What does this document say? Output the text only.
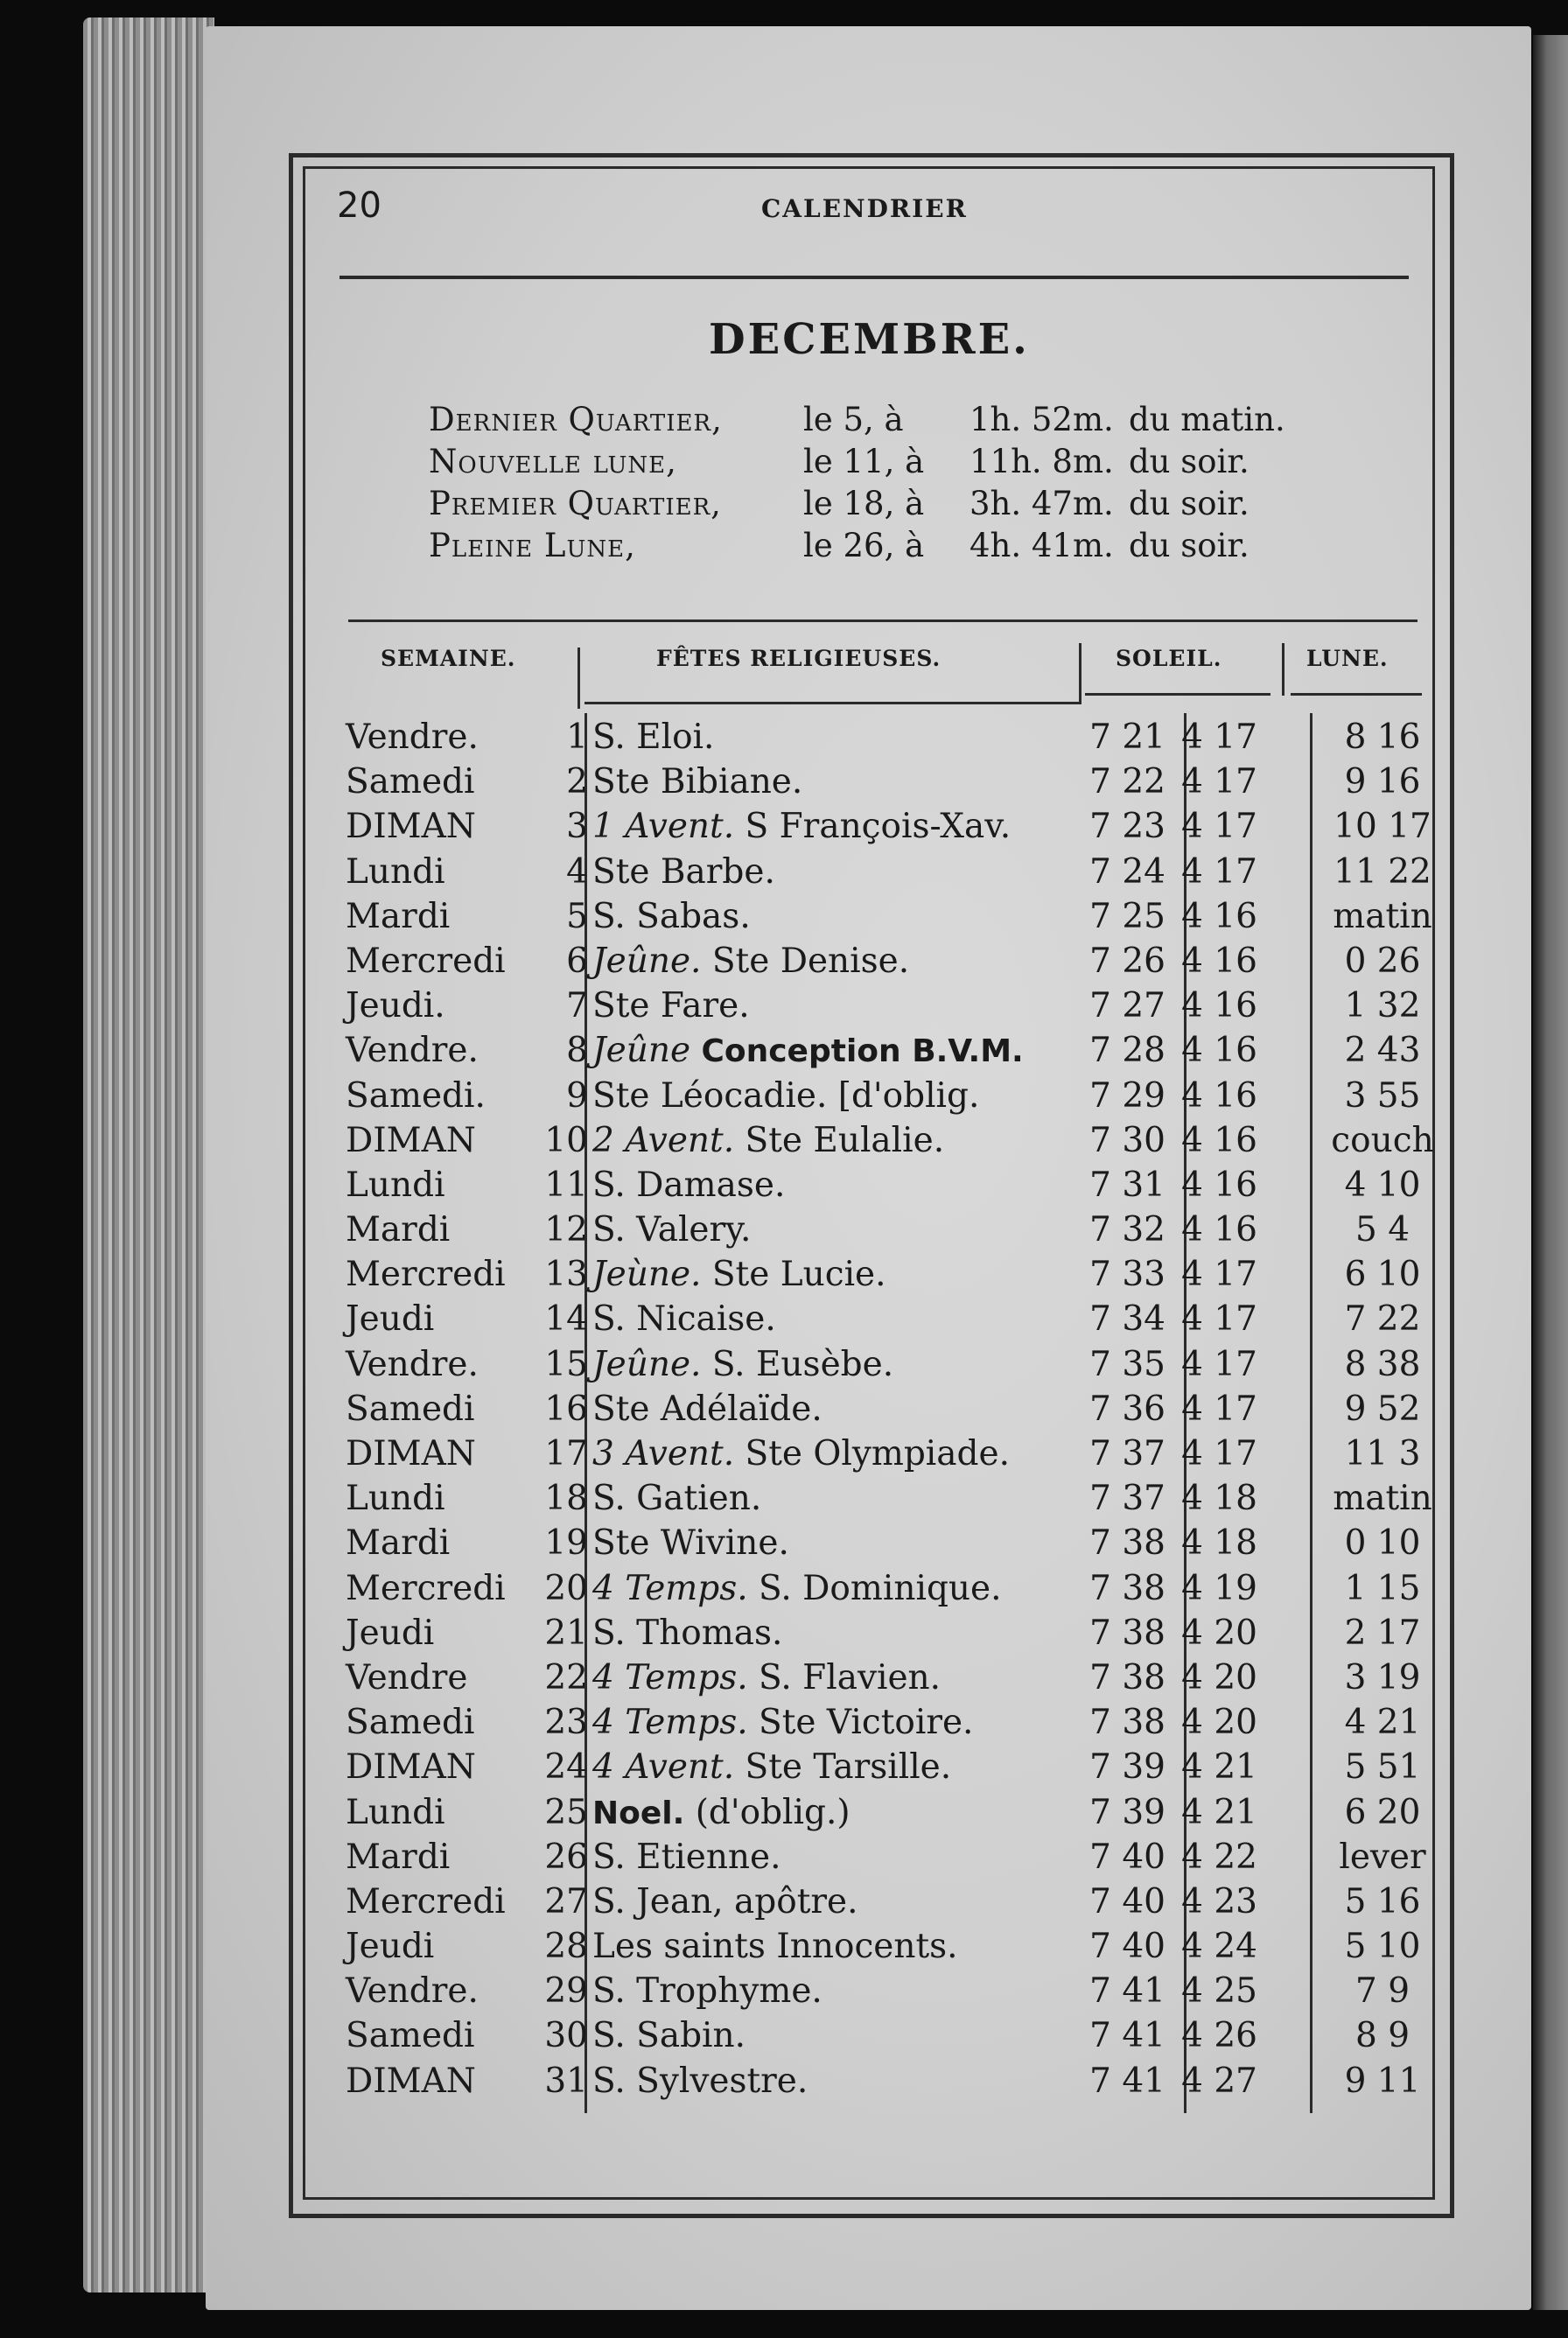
20	CALENDRIER
DECEMBRE.
Dernier Quartier, le 5, à 1h. 52m. du matin.
Nouvelle lune,	le 11, à 11h. 8m. du soir.
Premier Quartier,	le 18, à 3h. 47m. du soir.
Pleine Lune,	le 26, à 4h. 41m. du soir.
SEMAINE.	FÊTES RELIGIEUSES.	SOLEIL.	LUNE.
Vendre.	1 S. Eloi.	7 21 4 17	8 16
Samedi	2 Ste Bibiane.	7 22 4 17	9 16
DIMAN	3 1 Avent. S François-Xav. 7 23 4 17	10 17
Lundi	4 Ste Barbe.	7 24 4 17	11 22
Mardi	5 S. Sabas.	7 25 4 16	matin
Mercredi	6 Jeûne. Ste Denise.	7 26 4 16	0 26
Jeudi.	7 Ste Fare.	7 27 4 16	1 32
Vendre.	8 Jeûne Conception B.V.M. 7 28 4 16	2 43
Samedi.	9 Ste Léocadie. [d'oblig.	7 29 4 16	3 55
DIMAN	10 2 Avent. Ste Eulalie.	7 30 4 16	couch
Lundi	11 S. Damase.	7 31 4 16	4 10
Mardi	12 S. Valery.	7 32 4 16	5 4
Mercredi	13 Jeùne. Ste Lucie.	7 33 4 17	6 10
Jeudi	14 S. Nicaise.	7 34 4 17	7 22
Vendre.	15 Jeûne. S. Eusèbe.	7 35 4 17	8 38
Samedi	16 Ste Adélaïde.	7 36 4 17	9 52
DIMAN	17 3 Avent. Ste Olympiade. 7 37 4 17	11 3
Lundi	18 S. Gatien.	7 37 4 18	matin
Mardi	19 Ste Wivine.	7 38 4 18	0 10
Mercredi	20 4 Temps. S. Dominique.	7 38 4 19	1 15
Jeudi	21 S. Thomas.	7 38 4 20	2 17
Vendre	22 4 Temps. S. Flavien.	7 38 4 20	3 19
Samedi	23 4 Temps. Ste Victoire.	7 38 4 20	4 21
DIMAN	24 4 Avent. Ste Tarsille.	7 39 4 21	5 51
Lundi	25 Noel. (d'oblig.)	7 39 4 21	6 20
Mardi	26 S. Etienne.	7 40 4 22	lever
Mercredi	27 S. Jean, apôtre.	7 40 4 23	5 16
Jeudi	28 Les saints Innocents.	7 40 4 24	5 10
Vendre.	29 S. Trophyme.	7 41 4 25	7 9
Samedi	30 S. Sabin.	7 41 4 26	8 9
DIMAN	31 S. Sylvestre.	7 41 4 27	9 11
